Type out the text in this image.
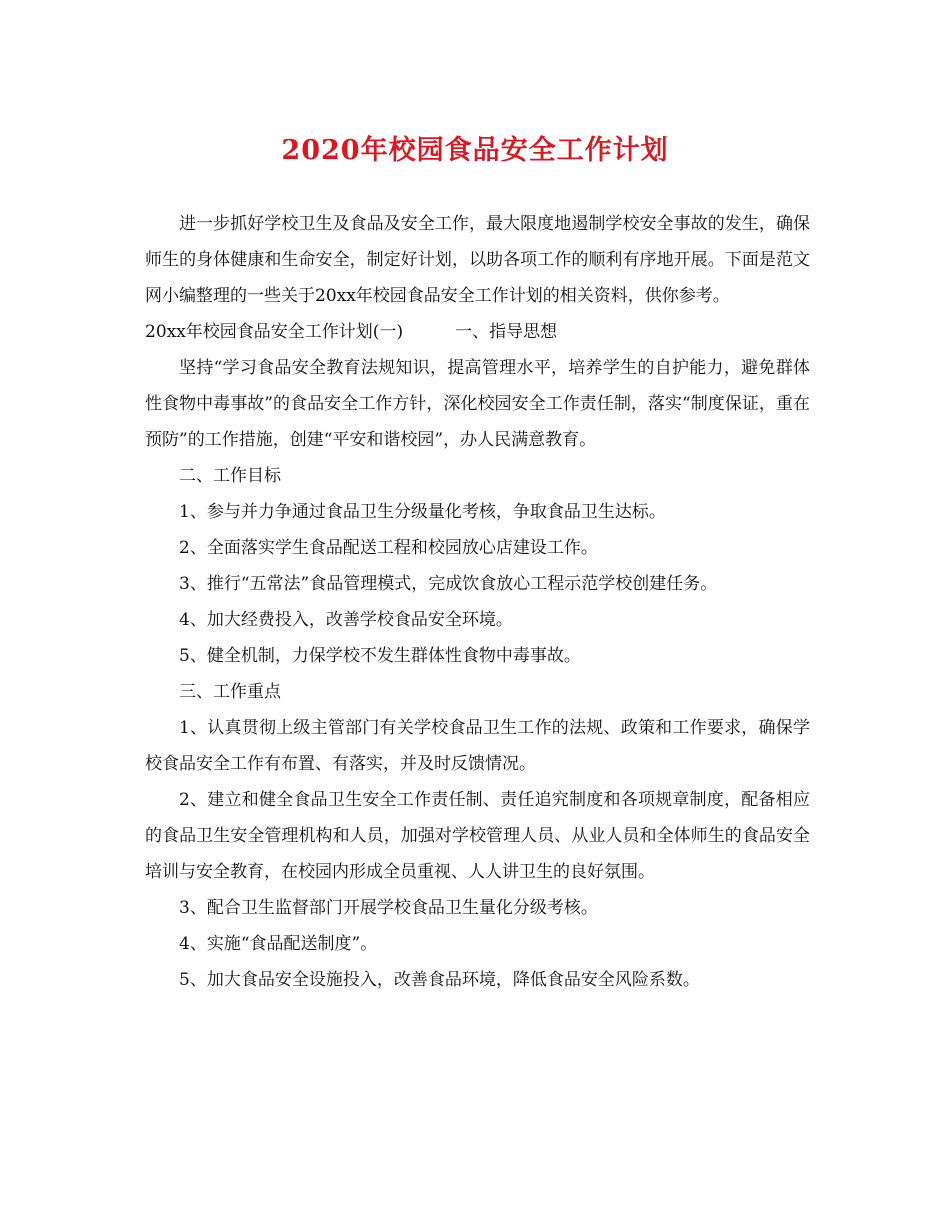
2020年校园食品安全工作计划

进一步抓好学校卫生及食品及安全工作，最大限度地遏制学校安全事故的发生，确保师生的身体健康和生命安全，制定好计划，以助各项工作的顺利有序地开展。下面是范文网小编整理的一些关于20xx年校园食品安全工作计划的相关资料，供你参考。

20xx年校园食品安全工作计划(一)	一、指导思想

坚持“学习食品安全教育法规知识，提高管理水平，培养学生的自护能力，避免群体性食物中毒事故”的食品安全工作方针，深化校园安全工作责任制，落实“制度保证，重在预防”的工作措施，创建“平安和谐校园”，办人民满意教育。

二、工作目标

1、参与并力争通过食品卫生分级量化考核，争取食品卫生达标。

2、全面落实学生食品配送工程和校园放心店建设工作。

3、推行“五常法”食品管理模式，完成饮食放心工程示范学校创建任务。

4、加大经费投入，改善学校食品安全环境。

5、健全机制，力保学校不发生群体性食物中毒事故。

三、工作重点

1、认真贯彻上级主管部门有关学校食品卫生工作的法规、政策和工作要求，确保学校食品安全工作有布置、有落实，并及时反馈情况。

2、建立和健全食品卫生安全工作责任制、责任追究制度和各项规章制度，配备相应的食品卫生安全管理机构和人员，加强对学校管理人员、从业人员和全体师生的食品安全培训与安全教育，在校园内形成全员重视、人人讲卫生的良好氛围。

3、配合卫生监督部门开展学校食品卫生量化分级考核。

4、实施“食品配送制度”。

5、加大食品安全设施投入，改善食品环境，降低食品安全风险系数。
